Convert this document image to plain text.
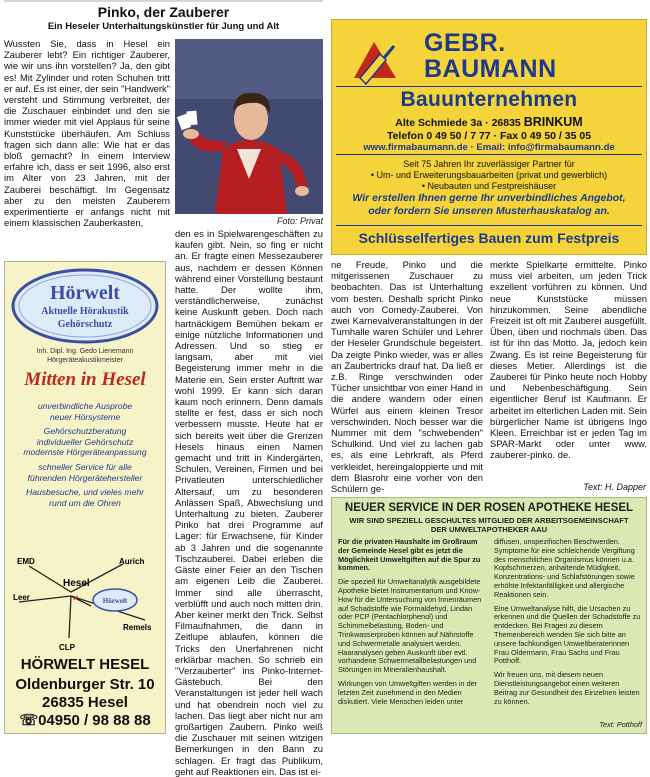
Pinko, der Zauberer
Ein Heseler Unterhaltungskünstler für Jung und Alt

Wussten Sie, dass in Hesel ein Zauberer lebt? Ein richtiger Zauberer, wie wir uns ihn vorstellen? Ja, den gibt es! Mit Zylinder und roten Schuhen tritt er auf. Es ist einer, der sein "Handwerk" versteht und Stimmung verbreitet, der die Zuschauer einbindet und den sie immer wieder mit viel Applaus für seine Kunststücke überhäufen. Am Schluss fragen sich dann alle: Wie hat er das bloß gemacht? In einem Interview erfahre ich, dass er seit 1996, also erst im Alter von 23 Jahren, mit der Zauberei beschäftigt. Im Gegensatz aber zu den meisten Zauberern experimentierte er anfangs nicht mit einem klassischen Zauberkasten,	Foto: Privat

den es in Spielwarengeschäften zu kaufen gibt. Nein, so fing er nicht an. Er fragte einen Messezauberer aus, nachdem er dessen Können während einer Vorstellung bestaunt hatte. Der wollte ihm, verständlicherweise, zunächst keine Auskunft geben. Doch nach hartnäckigem Bemühen bekam er einige nützliche Informationen und Adressen. Und so stieg er langsam, aber mit viel Begeisterung immer mehr in die Materie ein. Sein erster Auftritt war wohl 1999. Er kann sich daran kaum noch erinnern. Denn damals stellte er fest, dass er sich noch verbessern musste. Heute hat er sich bereits weit über die Grenzen Hesels hinaus einen Namen gemacht und tritt in Kindergärten, Schulen, Vereinen, Firmen und bei Privatleuten unterschiedlicher Altersauf, um zu besonderen Anlässen Spaß, Abwechslung und Unterhaltung zu bieten. Zauberer Pinko hat drei Programme auf Lager: für Erwachsene, für Kinder ab 3 Jahren und die sogenannte Tischzauberei. Dabei erleben die Gäste einer Feier an den Tischen am eigenen Leib die Zauberei. Immer sind alle überrascht, verblüfft und auch noch mitten drin. Aber keiner merkt den Trick. Selbst Filmaufnahmen, die dann in Zeitlupe ablaufen, können die Tricks den Unerfahrenen nicht erklärbar machen. So schrieb ein "Verzauberter" ins Pinko-Internet-Gästebuch. Bei den Veranstaltungen ist jeder hell wach und hat obendrein noch viel zu lachen. Das liegt aber nicht nur am großartigen Zaubern. Pinko weiß die Zuschauer mit seinen witzigen Bemerkungen in den Bann zu schlagen. Er fragt das Publikum, geht auf Reaktionen ein. Das ist ei-

ne Freude, Pinko und die mitgerissenen Zuschauer zu beobachten. Das ist Unterhaltung vom besten. Deshalb spricht Pinko auch von Comedy-Zauberei. Von zwei Karnevalveranstaltungen in der Turnhalle waren Schüler und Lehrer der Heseler Grundschule begeistert. Da zeigte Pinko wieder, was er alles an Zaubertricks drauf hat. Da ließ er z.B. Ringe verschwinden oder Tücher unsichtbar von einer Hand in die andere wandern oder einen Würfel aus einem kleinen Tresor verschwinden. Noch besser war die Nummer mit dem "schwebenden" Schulkind. Und viel zu lachen gab es, als eine Lehrkraft, als Pferd verkleidet, hereingaloppierte und mit dem Blasrohr eine vorher von den Schülern ge-

merkte Spielkarte ermittelte. Pinko muss viel arbeiten, um jeden Trick exzellent vorführen zu können. Und neue Kunststücke müssen hinzukommen. Seine abendliche Freizeit ist oft mit Zauberei ausgefüllt. Üben, üben und nochmals üben. Das ist für ihn das Motto. Ja, jedoch kein Zwang. Es ist reine Begeisterung für dieses Metier. Allerdings ist die Zauberei für Pinko heute noch Hobby und Nebenbeschäftigung. Sein eigentlicher Beruf ist Kaufmann. Er arbeitet im elterlichen Laden mit. Sein bürgerlicher Name ist übrigens Ingo Kleen. Erreichbar ist er jeden Tag im SPAR-Markt oder unter www. zauberer-pinko. de.

Text: H. Dapper
Hörwelt
Aktuelle Hörakustik
Gehörschutz
Inh. Dipl. Ing. Gedo Lienemann
Hörgeräteakustikmeister
Mitten in Hesel

unverbindliche Ausprobe

neuer Hörsysteme

Gehörschutzberatung

individueller Gehörschutz

modernste Hörgeräteanpassung

schneller Service für alle

führenden Hörgerätehersteller

Hausbesuche, und vieles mehr

rund um die Ohren

EMD	Aurich
Leer
Hesel
Remels
CLP
×	Hörwelt
HÖRWELT HESEL
Oldenburger Str. 10
26835 Hesel
☏04950 / 98 88 88
GEBR.
BAUMANN
Bauunternehmen
Alte Schmiede 3a · 26835 BRINKUM
Telefon 0 49 50 / 7 77 · Fax 0 49 50 / 35 05
www.firmabaumann.de · Email: info@firmabaumann.de
Seit 75 Jahren Ihr zuverlässiger Partner für
• Um- und Erweiterungsbauarbeiten (privat und gewerblich)
• Neubauten und Festpreishäuser
Wir erstellen Ihnen gerne Ihr unverbindliches Angebot,
oder fordern Sie unseren Musterhauskatalog an.
Schlüsselfertiges Bauen zum Festpreis
NEUER SERVICE IN DER ROSEN APOTHEKE HESEL
WIR SIND SPEZIELL GESCHULTES MITGLIED DER ARBEITSGEMEINSCHAFT
DER UMWELTAPOTHEKER AAU

Für die privaten Haushalte im Großraum der Gemeinde Hesel gibt es jetzt die Möglichkeit Umweltgiften auf die Spur zu kommen.

Die speziell für Umweltanalytik ausgebildete Apotheke bietet Instrumentarium und Know-How für die Untersuchung von Innenräumen auf Schadstoffe wie Formaldehyd, Lindan oder PCP (Pentachlorphenol) und Schimmelbelastung, Boden- und Trinkwasserproben können auf Nährstoffe und Schwermetalle analysiert werden. Haaranalysen geben Auskunft über evtl. vorhandene Schwermetallbelastungen und Störungen im Mineralienhaushalt.

Wirkungen von Umweltgiften werden in der letzten Zeit zunehmend in den Medien diskutiert. Viele Menschen leiden unter

diffusen, unspezifischen Beschwerden. Symptome für eine schleichende Vergiftung des menschlichen Organismus können u.a. Kopfschmerzen, anhaltende Müdigkeit, Konzentrations- und Schlafstörungen sowie erhöhte Infektanfälligkeit und allergische Reaktionen sein.

Eine Umweltanalyse hilft, die Ursachen zu erkennen und die Quellen der Schadstoffe zu entdecken. Bei Fragen zu diesem Themenbereich wenden Sie sich bitte an unsere fachkundigen Umweltberaterinnen Frau Oldermann, Frau Sachs und Frau Potthoff.

Wir freuen uns, mit diesem neuen Dienstleistungsangebot einen weiteren Beitrag zur Gesundheit des Einzelnen leisten zu können.

Text: Potthoff
